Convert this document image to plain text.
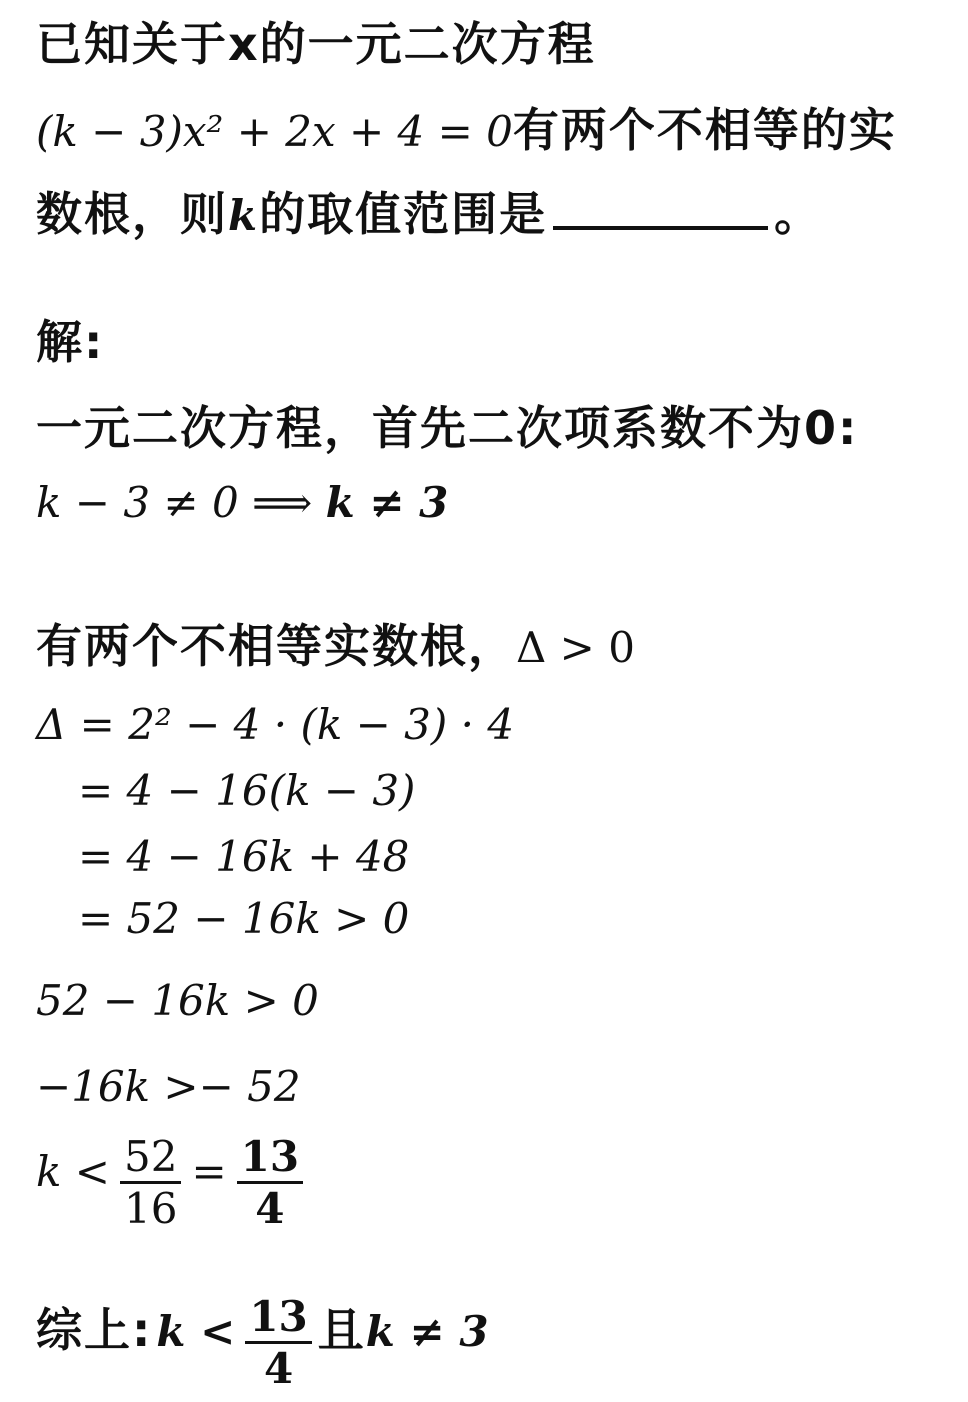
已知关于x的一元二次方程
(k − 3)x² + 2x + 4 = 0有两个不相等的实
数根，则k的取值范围是	。
解:
一元二次方程，首先二次项系数不为0:
k − 3 ≠ 0 ⟹ k ≠ 3
有两个不相等实数根，Δ > 0
Δ = 2² − 4 · (k − 3) · 4
= 4 − 16(k − 3)
= 4 − 16k + 48
= 52 − 16k > 0
52 − 16k > 0
−16k >− 52
$k < \frac{52}{16} = \frac{13}{4}$
综上: $k < \frac{13}{4}$ 且k ≠ 3
